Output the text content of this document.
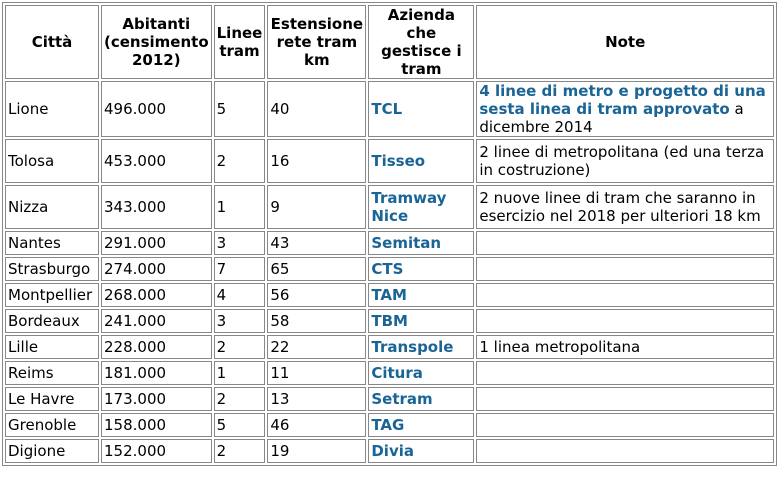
Città	Abitanti (censimento 2012)	Linee tram	Estensione rete tram km	Azienda che gestisce i tram	Note
Lione	496.000	5	40	TCL	4 linee di metro e progetto di una sesta linea di tram approvato a dicembre 2014
Tolosa	453.000	2	16	Tisseo	2 linee di metropolitana (ed una terza in costruzione)
Nizza	343.000	1	9	Tramway Nice	2 nuove linee di tram che saranno in esercizio nel 2018 per ulteriori 18 km
Nantes	291.000	3	43	Semitan	
Strasburgo	274.000	7	65	CTS	
Montpellier	268.000	4	56	TAM	
Bordeaux	241.000	3	58	TBM	
Lille	228.000	2	22	Transpole	1 linea metropolitana
Reims	181.000	1	11	Citura	
Le Havre	173.000	2	13	Setram	
Grenoble	158.000	5	46	TAG	
Digione	152.000	2	19	Divia	
